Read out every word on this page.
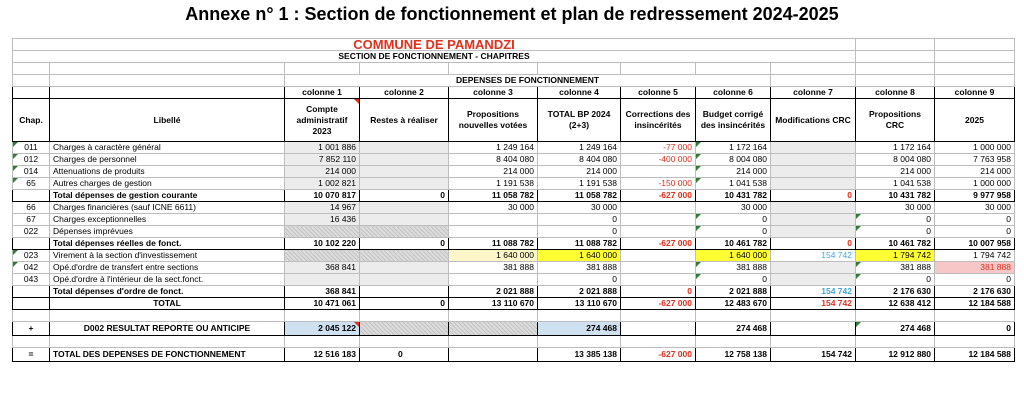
Annexe n° 1 : Section de fonctionnement et plan de redressement 2024-2025
COMMUNE DE PAMANDZI										
SECTION DE FONCTIONNEMENT - CHAPITRES										

		DEPENSES DE FONCTIONNEMENT								
		colonne 1	colonne 2	colonne 3	colonne 4	colonne 5	colonne 6	colonne 7	colonne 8	colonne 9
Chap.	Libellé	Compte administratif 2023	Restes à réaliser	Propositions nouvelles votées	TOTAL BP 2024 (2+3)	Corrections des insincérités	Budget corrigé des insincérités	Modifications CRC	Propositions CRC	2025
011	Charges à caractère général	1 001 886		1 249 164	1 249 164	-77 000	1 172 164		1 172 164	1 000 000
012	Charges de personnel	7 852 110		8 404 080	8 404 080	-400 000	8 004 080		8 004 080	7 763 958
014	Attenuations de produits	214 000		214 000	214 000		214 000		214 000	214 000
65	Autres charges de gestion	1 002 821		1 191 538	1 191 538	-150 000	1 041 538		1 041 538	1 000 000
	Total dépenses de gestion courante	10 070 817	0	11 058 782	11 058 782	-627 000	10 431 782	0	10 431 782	9 977 958
66	Charges financières (sauf ICNE 6611)	14 967		30 000	30 000		30 000		30 000	30 000
67	Charges exceptionnelles	16 436			0		0		0	0
022	Dépenses imprévues				0		0		0	0
	Total dépenses réelles de fonct.	10 102 220	0	11 088 782	11 088 782	-627 000	10 461 782	0	10 461 782	10 007 958
023	Virement à la section d'investissement			1 640 000	1 640 000		1 640 000	154 742	1 794 742	1 794 742
042	Opé.d'ordre de transfert entre sections	368 841		381 888	381 888		381 888		381 888	381 888
043	Opé.d'ordre à l'intérieur de la sect.fonct.				0		0		0	0
	Total dépenses d'ordre de fonct.	368 841		2 021 888	2 021 888	0	2 021 888	154 742	2 176 630	2 176 630
	TOTAL	10 471 061	0	13 110 670	13 110 670	-627 000	12 483 670	154 742	12 638 412	12 184 588

+	D002 RESULTAT REPORTE OU ANTICIPE	2 045 122			274 468		274 468		274 468	0

=	TOTAL DES DEPENSES DE FONCTIONNEMENT	12 516 183	0		13 385 138	-627 000	12 758 138	154 742	12 912 880	12 184 588
